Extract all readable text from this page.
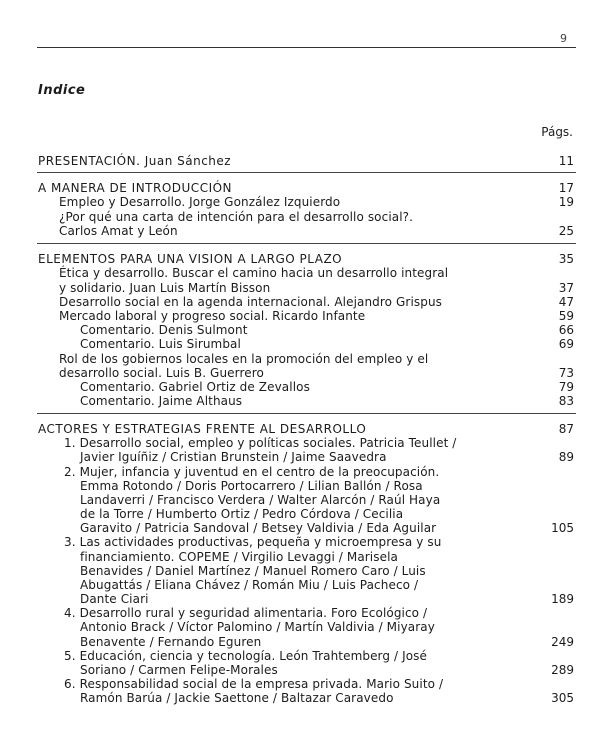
9
Indice
Págs.
PRESENTACIÓN. Juan Sánchez	11
A MANERA DE INTRODUCCIÓN	17
Empleo y Desarrollo. Jorge González Izquierdo	19
¿Por qué una carta de intención para el desarrollo social?.
Carlos Amat y León	25
ELEMENTOS PARA UNA VISION A LARGO PLAZO	35
Ética y desarrollo. Buscar el camino hacia un desarrollo integral
y solidario. Juan Luis Martín Bisson	37
Desarrollo social en la agenda internacional. Alejandro Grispus	47
Mercado laboral y progreso social. Ricardo Infante	59
Comentario. Denis Sulmont	66
Comentario. Luis Sirumbal	69
Rol de los gobiernos locales en la promoción del empleo y el
desarrollo social. Luis B. Guerrero	73
Comentario. Gabriel Ortiz de Zevallos	79
Comentario. Jaime Althaus	83
ACTORES Y ESTRATEGIAS FRENTE AL DESARROLLO	87
1. Desarrollo social, empleo y políticas sociales. Patricia Teullet /
Javier Iguíñiz / Cristian Brunstein / Jaime Saavedra	89
2. Mujer, infancia y juventud en el centro de la preocupación.
Emma Rotondo / Doris Portocarrero / Lilian Ballón / Rosa
Landaverri / Francisco Verdera / Walter Alarcón / Raúl Haya
de la Torre / Humberto Ortiz / Pedro Córdova / Cecilia
Garavito / Patricia Sandoval / Betsey Valdivia / Eda Aguilar	105
3. Las actividades productivas, pequeña y microempresa y su
financiamiento. COPEME / Virgilio Levaggi / Marisela
Benavides / Daniel Martínez / Manuel Romero Caro / Luis
Abugattás / Eliana Chávez / Román Miu / Luis Pacheco /
Dante Ciari	189
4. Desarrollo rural y seguridad alimentaria. Foro Ecológico /
Antonio Brack / Víctor Palomino / Martín Valdivia / Miyaray
Benavente / Fernando Eguren	249
5. Educación, ciencia y tecnología. León Trahtemberg / José
Soriano / Carmen Felipe-Morales	289
6. Responsabilidad social de la empresa privada. Mario Suito /
Ramón Barúa / Jackie Saettone / Baltazar Caravedo	305
